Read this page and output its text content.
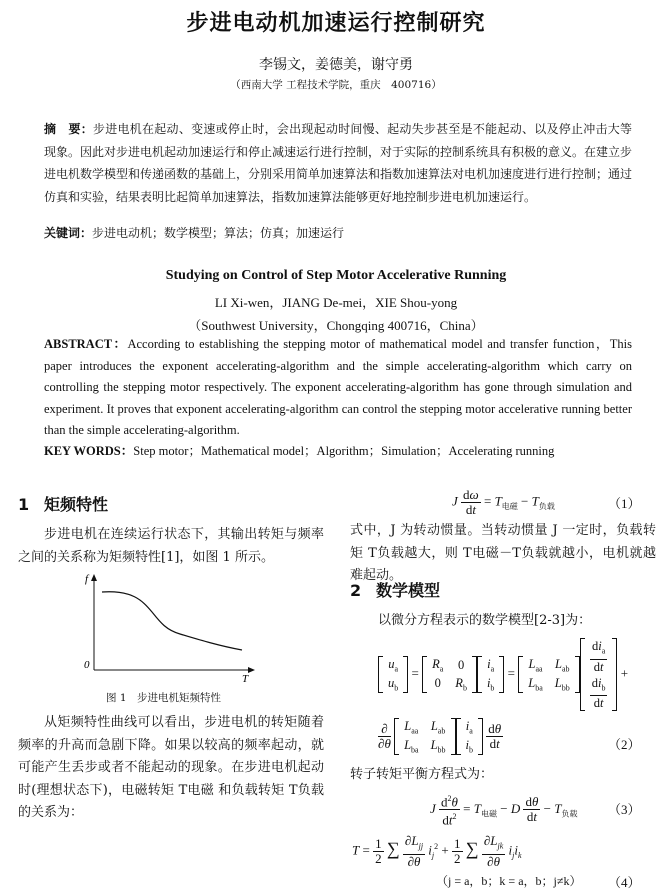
步进电动机加速运行控制研究
李锡文，姜德美，谢守勇
（西南大学 工程技术学院，重庆　400716）
摘　要：步进电机在起动、变速或停止时，会出现起动时间慢、起动失步甚至是不能起动、以及停止冲击大等现象。因此对步进电机起动加速运行和停止减速运行进行控制，对于实际的控制系统具有积极的意义。在建立步进电机数学模型和传递函数的基础上，分别采用简单加速算法和指数加速算法对电机加速度进行进行控制；通过仿真和实验，结果表明比起简单加速算法，指数加速算法能够更好地控制步进电机加速运行。
关键词：步进电动机；数学模型；算法；仿真；加速运行
Studying on Control of Step Motor Accelerative Running
LI Xi-wen，JIANG De-mei，XIE Shou-yong
（Southwest University，Chongqing 400716，China）
ABSTRACT：According to establishing the stepping motor of mathematical model and transfer function，This paper introduces the exponent accelerating-algorithm and the simple accelerating-algorithm which carry on controlling the stepping motor respectively. The exponent accelerating-algorithm has gone through simulation and experiment. It proves that exponent accelerating-algorithm can control the stepping motor accelerative running better than the simple accelerating-algorithm.
KEY WORDS：Step motor；Mathematical model；Algorithm；Simulation；Accelerating running
1 矩频特性
步进电机在连续运行状态下，其输出转矩与频率之间的关系称为矩频特性[1]，如图 1 所示。
f
0
T
图 1　步进电机矩频特性
从矩频特性曲线可以看出，步进电机的转矩随着频率的升高而急剧下降。如果以较高的频率起动，就可能产生丢步或者不能起动的现象。在步进电机起动时(理想状态下)，电磁转矩 T电磁 和负载转矩 T负载 的关系为：
J $\frac{d\omega}{dt} = T_{电磁} - T_{负载}$	（1）
式中，J 为转动惯量。当转动惯量 J 一定时，负载转矩 T负载越大，则 T电磁－T负载就越小，电机就越难起动。
2 数学模型
以微分方程表示的数学模型[2-3]为：
$u_a$
$u_b$
=
$R_a$	0
0	$R_b$
$i_a$
$i_b$
=
$L_{aa}$	$L_{ab}$
$L_{ba}$	$L_{bb}$
$\frac{di_a}{dt}$

$\frac{di_b}{dt}$
+
$\frac{\partial}{\partial\theta}$
$L_{aa}$	$L_{ab}$
$L_{ba}$	$L_{bb}$
$i_a$
$i_b$
$\frac{d\theta}{dt}$	（2）
转子转矩平衡方程式为：
J $\frac{d^2\theta}{dt^2} = T_{电磁} - D \frac{d\theta}{dt} - T_{负载}$ （3）
$T = \frac{1}{2}$ ∑ $\frac{\partial L_{jj}}{\partial\theta} i_j^2 + \frac{1}{2}$ ∑ $\frac{\partial L_{jk}}{\partial\theta} i_ji_k$
（j = a，b；k = a，b；j≠k） （4）
